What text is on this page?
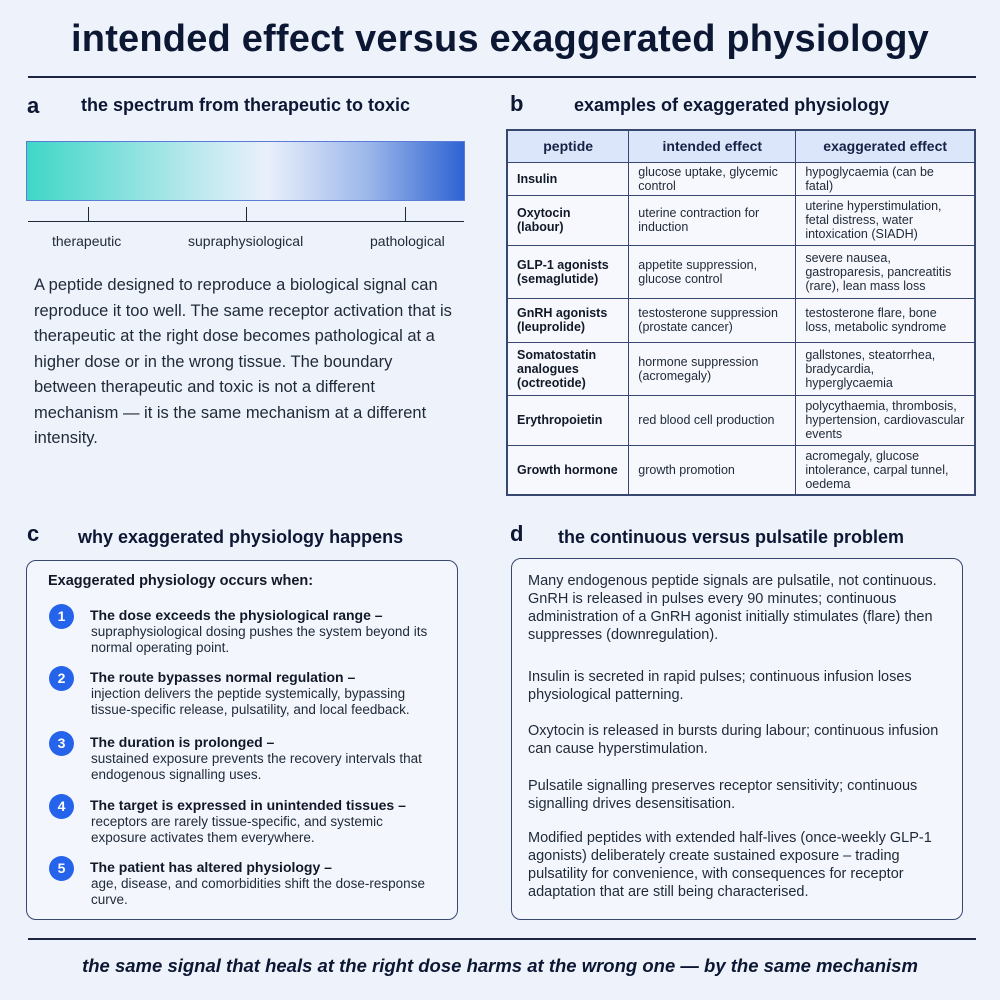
intended effect versus exaggerated physiology
a the spectrum from therapeutic to toxic
therapeutic	supraphysiological	pathological
A peptide designed to reproduce a biological signal can reproduce it too well. The same receptor activation that is therapeutic at the right dose becomes pathological at a higher dose or in the wrong tissue. The boundary between therapeutic and toxic is not a different mechanism — it is the same mechanism at a different intensity.
b	examples of exaggerated physiology
peptide	intended effect	exaggerated effect
Insulin	glucose uptake, glycemic control	hypoglycaemia (can be fatal)
Oxytocin (labour)	uterine contraction for induction	uterine hyperstimulation, fetal distress, water intoxication (SIADH)
GLP-1 agonists (semaglutide)	appetite suppression, glucose control	severe nausea, gastroparesis, pancreatitis (rare), lean mass loss
GnRH agonists (leuprolide)	testosterone suppression (prostate cancer)	testosterone flare, bone loss, metabolic syndrome
Somatostatin analogues (octreotide)	hormone suppression (acromegaly)	gallstones, steatorrhea, bradycardia, hyperglycaemia
Erythropoietin	red blood cell production	polycythaemia, thrombosis, hypertension, cardiovascular events
Growth hormone	growth promotion	acromegaly, glucose intolerance, carpal tunnel, oedema
c why exaggerated physiology happens
Exaggerated physiology occurs when:
1	The dose exceeds the physiological range –
supraphysiological dosing pushes the system beyond its normal operating point.
2	The route bypasses normal regulation –
injection delivers the peptide systemically, bypassing tissue-specific release, pulsatility, and local feedback.
3	The duration is prolonged –
sustained exposure prevents the recovery intervals that endogenous signalling uses.
4	The target is expressed in unintended tissues –
receptors are rarely tissue-specific, and systemic exposure activates them everywhere.
5	The patient has altered physiology –
age, disease, and comorbidities shift the dose-response curve.
d the continuous versus pulsatile problem
Many endogenous peptide signals are pulsatile, not continuous. GnRH is released in pulses every 90 minutes; continuous administration of a GnRH agonist initially stimulates (flare) then suppresses (downregulation).
Insulin is secreted in rapid pulses; continuous infusion loses physiological patterning.
Oxytocin is released in bursts during labour; continuous infusion can cause hyperstimulation.
Pulsatile signalling preserves receptor sensitivity; continuous signalling drives desensitisation.
Modified peptides with extended half-lives (once-weekly GLP-1 agonists) deliberately create sustained exposure – trading pulsatility for convenience, with consequences for receptor adaptation that are still being characterised.
the same signal that heals at the right dose harms at the wrong one — by the same mechanism
